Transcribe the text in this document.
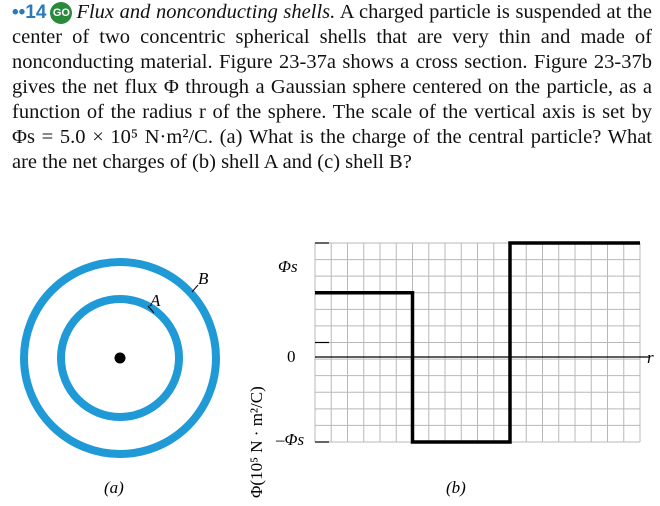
••14 GO Flux and nonconducting shells. A charged particle is suspended at the center of two concentric spherical shells that are very thin and made of nonconducting material. Figure 23-37a shows a cross section. Figure 23-37b gives the net flux Φ through a Gaussian sphere centered on the particle, as a function of the radius r of the sphere. The scale of the vertical axis is set by Φs = 5.0 × 10⁵ N·m²/C. (a) What is the charge of the central particle? What are the net charges of (b) shell A and (c) shell B?
A
B
(a)	Φ(10⁵ N · m²/C)
Φs
0
–Φs
r
(b)
